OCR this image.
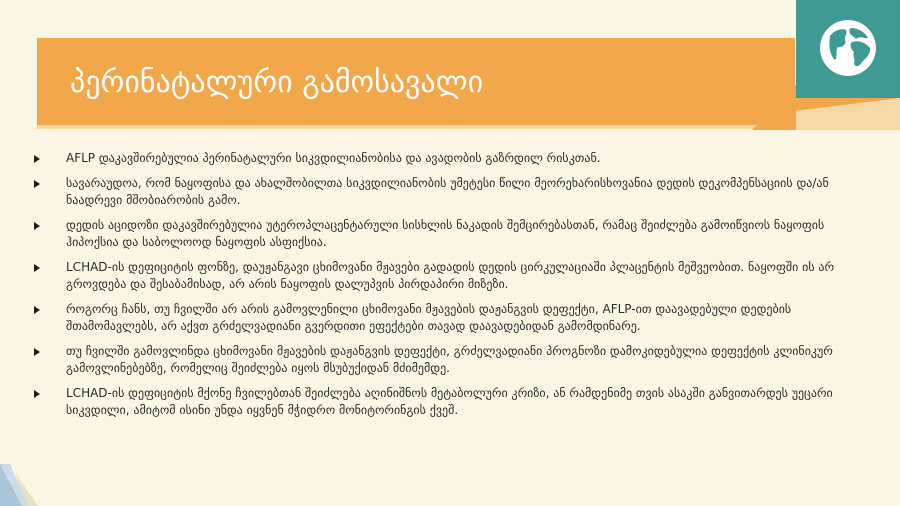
პერინატალური გამოსავალი
AFLP დაკავშირებულია პერინატალური სიკვდილიანობისა და ავადობის გაზრდილ რისკთან.
სავარაუდოა, რომ ნაყოფისა და ახალშობილთა სიკვდილიანობის უმეტესი წილი მეორეხარისხოვანია დედის დეკომპენსაციის და/ან ნაადრევი მშობიარობის გამო.
დედის აციდოზი დაკავშირებულია უტეროპლაცენტარული სისხლის ნაკადის შემცირებასთან, რამაც შეიძლება გამოიწვიოს ნაყოფის ჰიპოქსია და საბოლოოდ ნაყოფის ასფიქსია.
LCHAD-ის დეფიციტის ფონზე, დაუჟანგავი ცხიმოვანი მჟავები გადადის დედის ცირკულაციაში პლაცენტის მეშვეობით. ნაყოფში ის არ გროვდება და შესაბამისად, არ არის ნაყოფის დალუპვის პირდაპირი მიზეზი.
როგორც ჩანს, თუ ჩვილში არ არის გამოვლენილი ცხიმოვანი მჟავების დაჟანგვის დეფექტი, AFLP-ით დაავადებული დედების შთამომავლებს, არ აქვთ გრძელვადიანი გვერდითი ეფექტები თავად დაავადებიდან გამომდინარე.
თუ ჩვილში გამოვლინდა ცხიმოვანი მჟავების დაჟანგვის დეფექტი, გრძელვადიანი პროგნოზი დამოკიდებულია დეფექტის კლინიკურ გამოვლინებებზე, რომელიც შეიძლება იყოს მსუბუქიდან მძიმემდე.
LCHAD-ის დეფიციტის მქონე ჩვილებთან შეიძლება აღინიშნოს მეტაბოლური კრიზი, ან რამდენიმე თვის ასაკში განვითარდეს უეცარი სიკვდილი, ამიტომ ისინი უნდა იყვნენ მჭიდრო მონიტორინგის ქვეშ.
